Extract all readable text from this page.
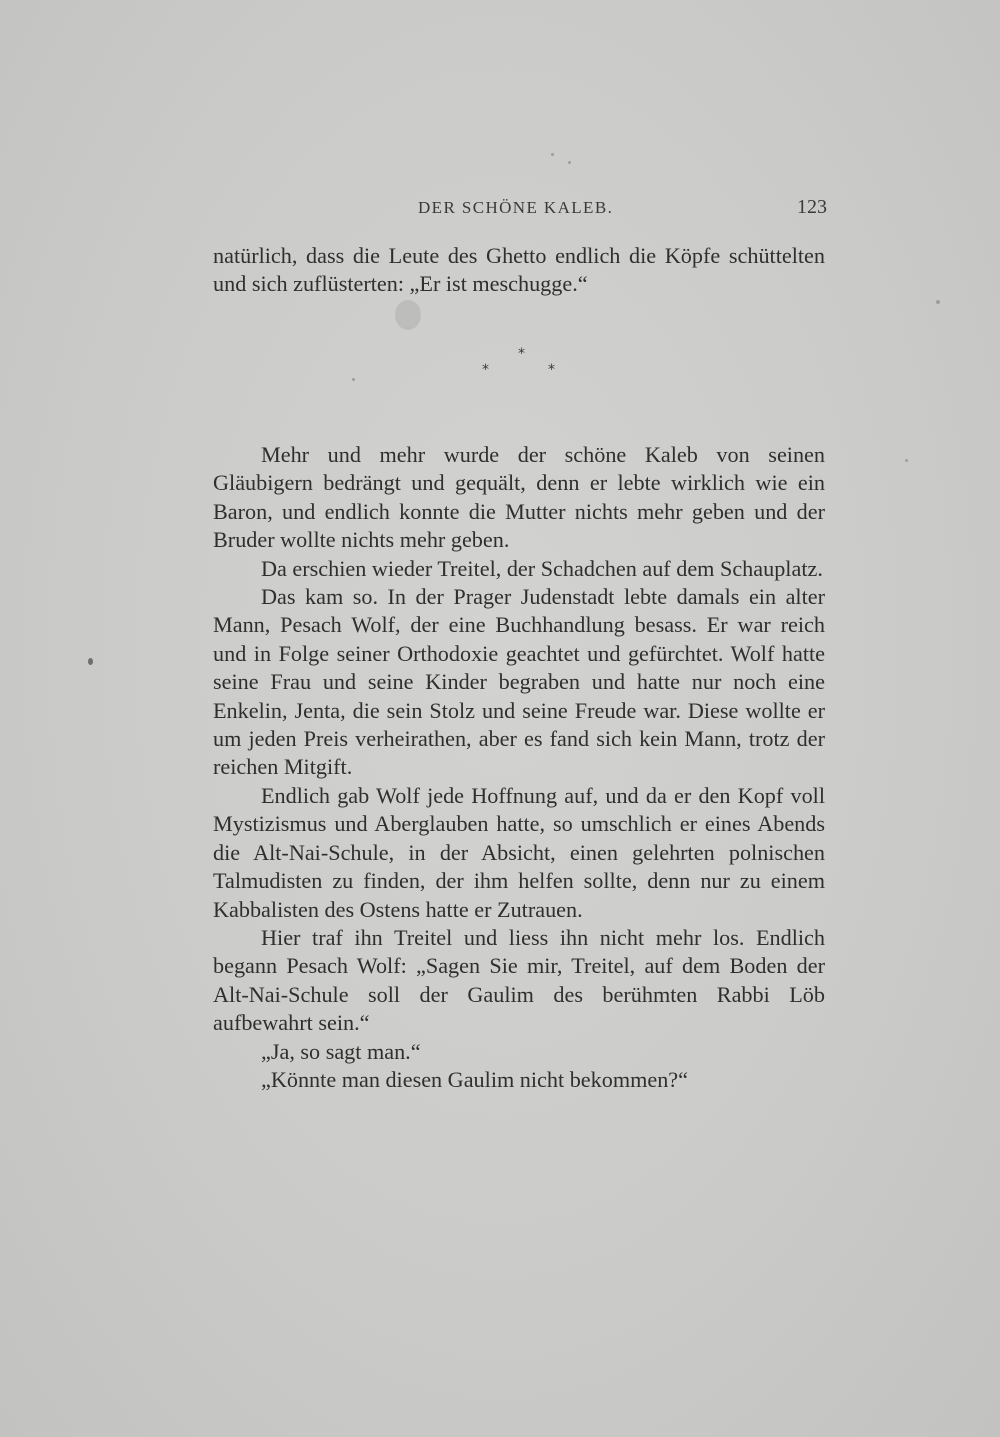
DER SCHÖNE KALEB.	123

natürlich, dass die Leute des Ghetto endlich die Köpfe schüttelten und sich zuflüsterten: „Er ist meschugge.“

*
*	*

Mehr und mehr wurde der schöne Kaleb von seinen Gläubigern bedrängt und gequält, denn er lebte wirklich wie ein Baron, und endlich konnte die Mutter nichts mehr geben und der Bruder wollte nichts mehr geben.

Da erschien wieder Treitel, der Schadchen auf dem Schauplatz.

Das kam so. In der Prager Judenstadt lebte damals ein alter Mann, Pesach Wolf, der eine Buchhandlung besass. Er war reich und in Folge seiner Orthodoxie geachtet und gefürchtet. Wolf hatte seine Frau und seine Kinder begraben und hatte nur noch eine Enkelin, Jenta, die sein Stolz und seine Freude war. Diese wollte er um jeden Preis verheirathen, aber es fand sich kein Mann, trotz der reichen Mitgift.

Endlich gab Wolf jede Hoffnung auf, und da er den Kopf voll Mystizismus und Aberglauben hatte, so umschlich er eines Abends die Alt-Nai-Schule, in der Absicht, einen gelehrten polnischen Talmudisten zu finden, der ihm helfen sollte, denn nur zu einem Kabbalisten des Ostens hatte er Zutrauen.

Hier traf ihn Treitel und liess ihn nicht mehr los. Endlich begann Pesach Wolf: „Sagen Sie mir, Treitel, auf dem Boden der Alt-Nai-Schule soll der Gaulim des berühmten Rabbi Löb aufbewahrt sein.“

„Ja, so sagt man.“

„Könnte man diesen Gaulim nicht bekommen?“
